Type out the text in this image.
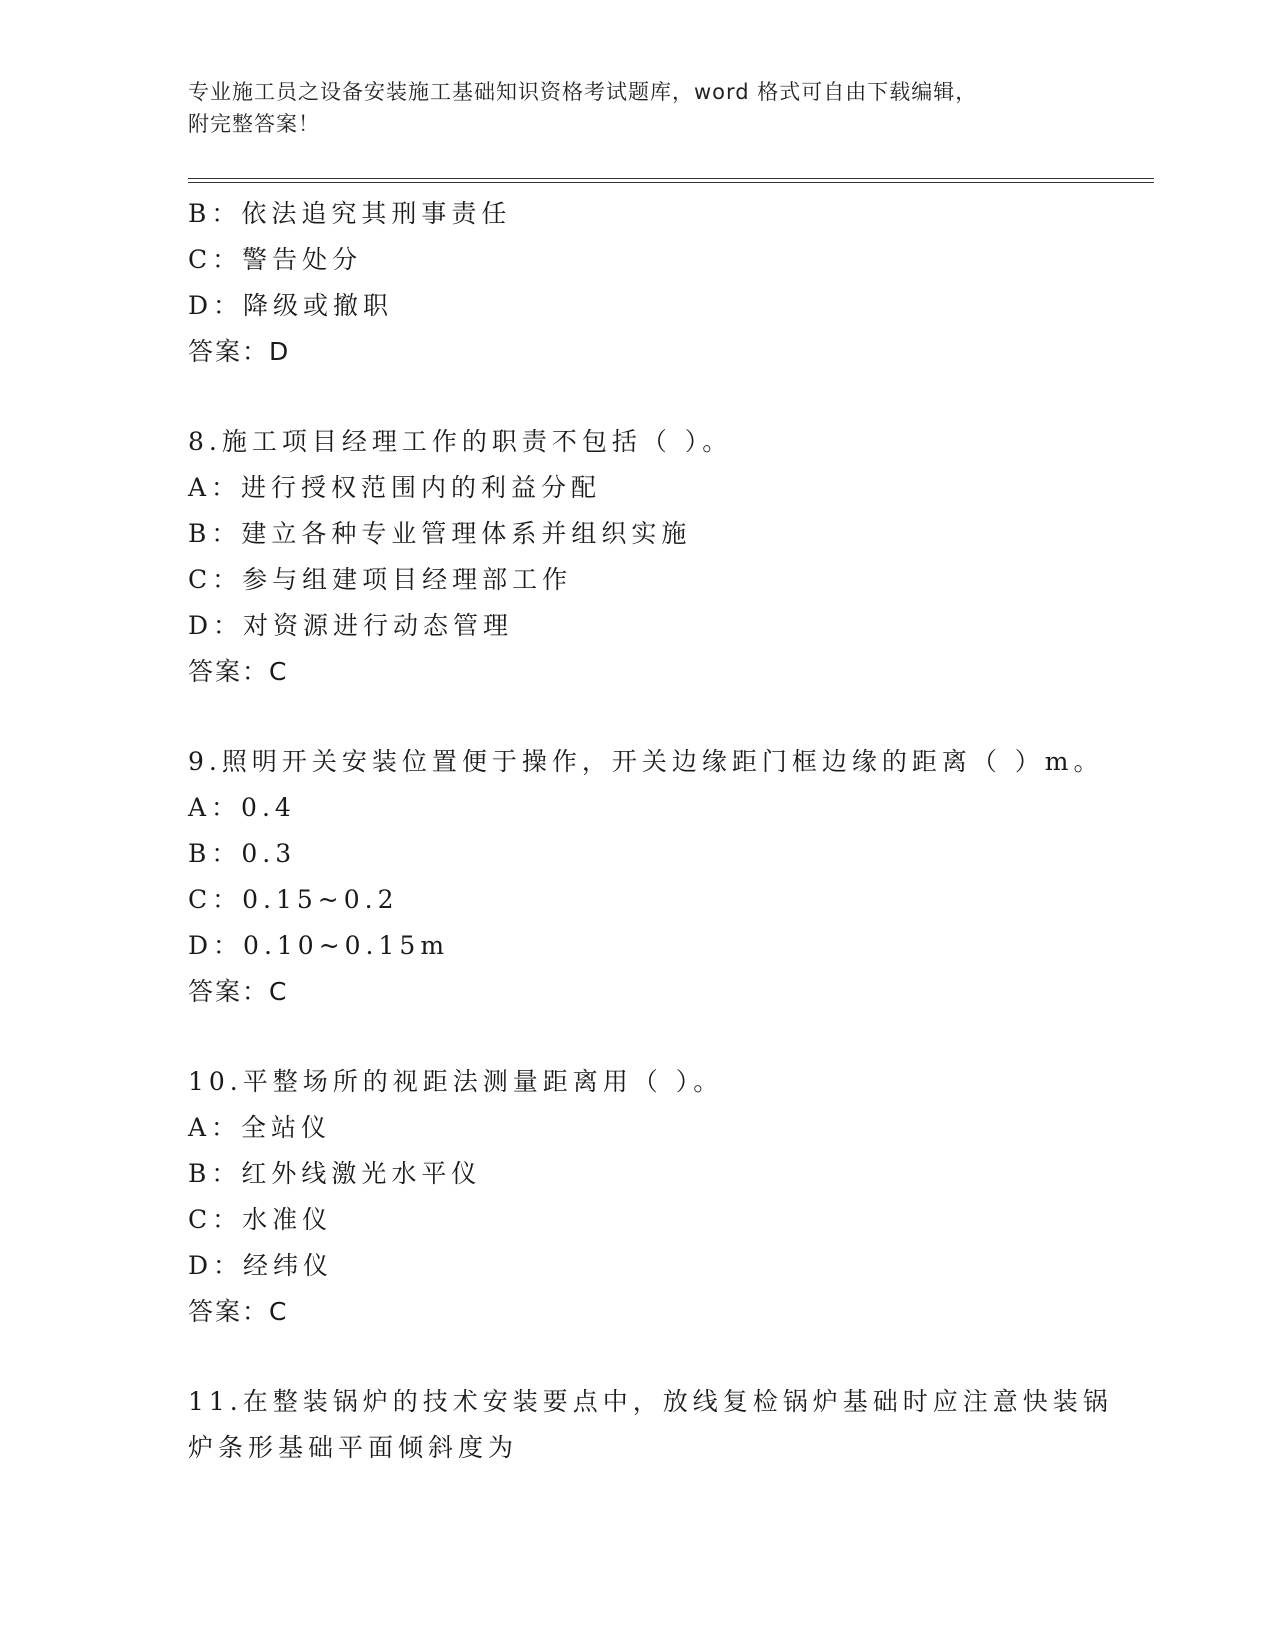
专业施工员之设备安装施工基础知识资格考试题库，word 格式可自由下载编辑，
附完整答案！
B：依法追究其刑事责任
C：警告处分
D：降级或撤职
答案：D
8.施工项目经理工作的职责不包括（ ）。
A：进行授权范围内的利益分配
B：建立各种专业管理体系并组织实施
C：参与组建项目经理部工作
D：对资源进行动态管理
答案：C
9.照明开关安装位置便于操作，开关边缘距门框边缘的距离（ ）m。
A：0.4
B：0.3
C：0.15~0.2
D：0.10~0.15m
答案：C
10.平整场所的视距法测量距离用（ ）。
A：全站仪
B：红外线激光水平仪
C：水准仪
D：经纬仪
答案：C
11.在整装锅炉的技术安装要点中，放线复检锅炉基础时应注意快装锅
炉条形基础平面倾斜度为
